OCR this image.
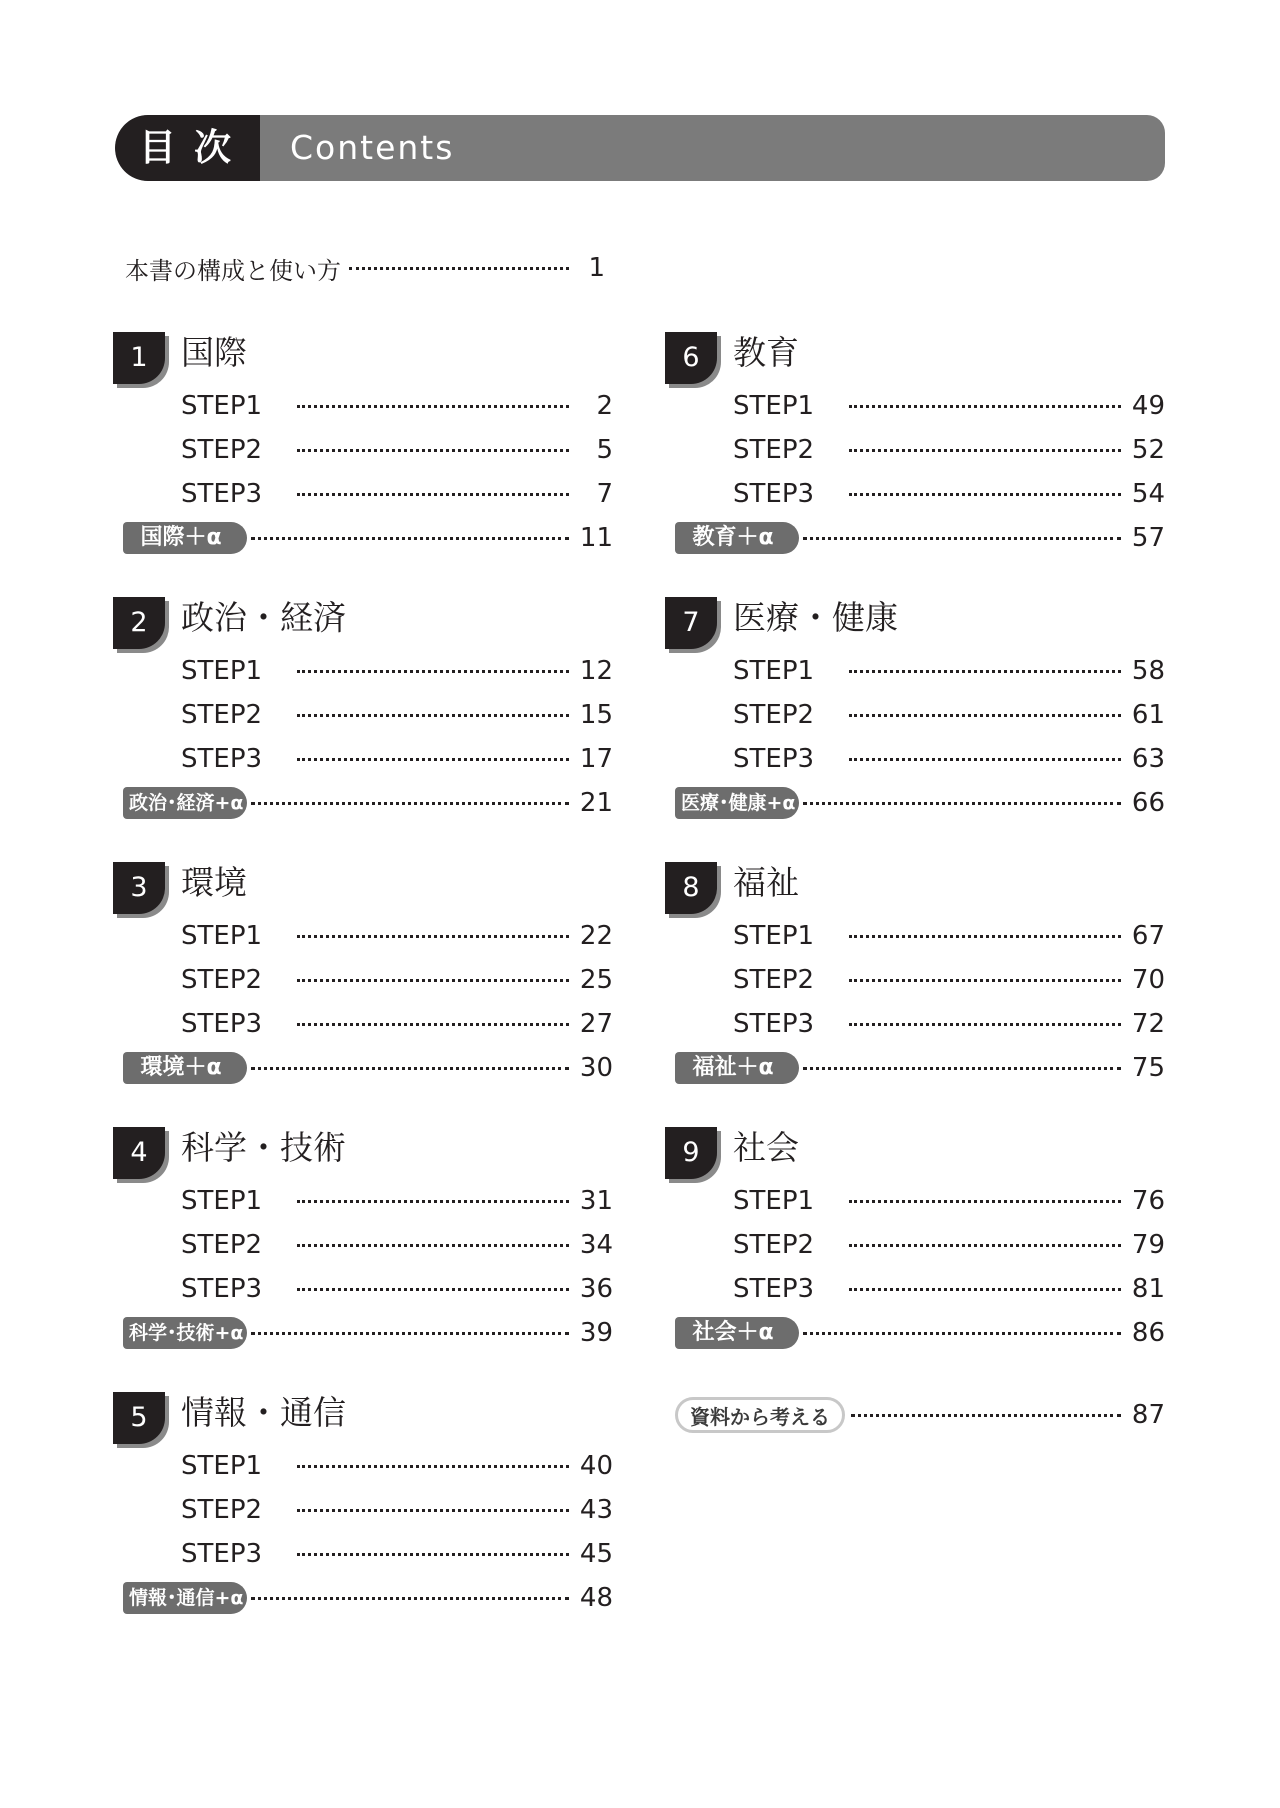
目次	Contents
本書の構成と使い方	1
1	国際
STEP1	2
STEP2	5
STEP3	7
国際＋α	11
2	政治・経済
STEP1	12
STEP2	15
STEP3	17
政治･経済+α	21
3	環境
STEP1	22
STEP2	25
STEP3	27
環境＋α	30
4	科学・技術
STEP1	31
STEP2	34
STEP3	36
科学･技術+α	39
5	情報・通信
STEP1	40
STEP2	43
STEP3	45
情報･通信+α	48
6	教育
STEP1	49
STEP2	52
STEP3	54
教育＋α	57
7	医療・健康
STEP1	58
STEP2	61
STEP3	63
医療･健康+α	66
8	福祉
STEP1	67
STEP2	70
STEP3	72
福祉＋α	75
9	社会
STEP1	76
STEP2	79
STEP3	81
社会＋α	86
資料から考える	87
